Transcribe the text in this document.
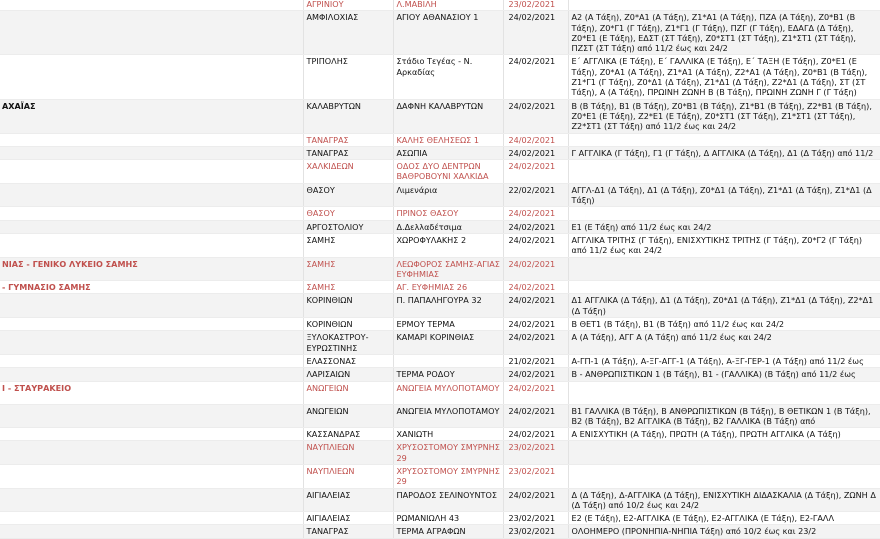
	ΑΓΡΙΝΙΟΥ	Λ.ΜΑΒΙΛΗ	23/02/2021	
	ΑΜΦΙΛΟΧΙΑΣ	ΑΓΙΟΥ ΑΘΑΝΑΣΙΟΥ 1	24/02/2021	Α2 (Α Τάξη), Ζ0*Α1 (Α Τάξη), Ζ1*Α1 (Α Τάξη), ΠΖΑ (Α Τάξη), Ζ0*Β1 (Β Τάξη), Ζ0*Γ1 (Γ Τάξη), Ζ1*Γ1 (Γ Τάξη), ΠΖΓ (Γ Τάξη), ΕΔΑΓΔ (Δ Τάξη), Ζ0*Ε1 (Ε Τάξη), ΕΔΣΤ (ΣΤ Τάξη), Ζ0*ΣΤ1 (ΣΤ Τάξη), Ζ1*ΣΤ1 (ΣΤ Τάξη), ΠΖΣΤ (ΣΤ Τάξη) από 11/2 έως και 24/2
	ΤΡΙΠΟΛΗΣ	Στάδιο Τεγέας - Ν. Αρκαδίας	24/02/2021	Ε΄ ΑΓΓΛΙΚΑ (Ε Τάξη), Ε΄ ΓΑΛΛΙΚΑ (Ε Τάξη), Ε΄ ΤΑΞΗ (Ε Τάξη), Ζ0*Ε1 (Ε Τάξη), Ζ0*Α1 (Α Τάξη), Ζ1*Α1 (Α Τάξη), Ζ2*Α1 (Α Τάξη), Ζ0*Β1 (Β Τάξη), Ζ1*Γ1 (Γ Τάξη), Ζ0*Δ1 (Δ Τάξη), Ζ1*Δ1 (Δ Τάξη), Ζ2*Δ1 (Δ Τάξη), ΣΤ (ΣΤ Τάξη), Α (Α Τάξη), ΠΡΩΙΝΗ ΖΩΝΗ Β (Β Τάξη), ΠΡΩΙΝΗ ΖΩΝΗ Γ (Γ Τάξη)
ΑΧΑΪΑΣ	ΚΑΛΑΒΡΥΤΩΝ	ΔΑΦΝΗ ΚΑΛΑΒΡΥΤΩΝ	24/02/2021	Β (Β Τάξη), Β1 (Β Τάξη), Ζ0*Β1 (Β Τάξη), Ζ1*Β1 (Β Τάξη), Ζ2*Β1 (Β Τάξη), Ζ0*Ε1 (Ε Τάξη), Ζ2*Ε1 (Ε Τάξη), Ζ0*ΣΤ1 (ΣΤ Τάξη), Ζ1*ΣΤ1 (ΣΤ Τάξη), Ζ2*ΣΤ1 (ΣΤ Τάξη) από 11/2 έως και 24/2
	ΤΑΝΑΓΡΑΣ	ΚΑΛΗΣ ΘΕΛΗΣΕΩΣ 1	24/02/2021	
	ΤΑΝΑΓΡΑΣ	ΑΣΩΠΙΑ	24/02/2021	Γ ΑΓΓΛΙΚΑ (Γ Τάξη), Γ1 (Γ Τάξη), Δ ΑΓΓΛΙΚΑ (Δ Τάξη), Δ1 (Δ Τάξη) από 11/2
	ΧΑΛΚΙΔΕΩΝ	ΟΔΟΣ ΔΥΟ ΔΕΝΤΡΩΝ ΒΑΘΡΟΒΟΥΝΙ ΧΑΛΚΙΔΑ	24/02/2021	
	ΘΑΣΟΥ	Λιμενάρια	22/02/2021	ΑΓΓΛ-Δ1 (Δ Τάξη), Δ1 (Δ Τάξη), Ζ0*Δ1 (Δ Τάξη), Ζ1*Δ1 (Δ Τάξη), Ζ1*Δ1 (Δ Τάξη)
	ΘΑΣΟΥ	ΠΡΙΝΟΣ ΘΑΣΟΥ	24/02/2021	
	ΑΡΓΟΣΤΟΛΙΟΥ	Δ.Δελλαδέτσιμα	24/02/2021	Ε1 (Ε Τάξη) από 11/2 έως και 24/2
	ΣΑΜΗΣ	ΧΩΡΟΦΥΛΑΚΗΣ 2	24/02/2021	ΑΓΓΛΙΚΑ ΤΡΙΤΗΣ (Γ Τάξη), ΕΝΙΣΧΥΤΙΚΗΣ ΤΡΙΤΗΣ (Γ Τάξη), Ζ0*Γ2 (Γ Τάξη) από 11/2 έως και 24/2
ΝΙΑΣ - ΓΕΝΙΚΟ ΛΥΚΕΙΟ ΣΑΜΗΣ	ΣΑΜΗΣ	ΛΕΩΦΟΡΟΣ ΣΑΜΗΣ-ΑΓΙΑΣ ΕΥΦΗΜΙΑΣ	24/02/2021	
- ΓΥΜΝΑΣΙΟ ΣΑΜΗΣ	ΣΑΜΗΣ	ΑΓ. ΕΥΦΗΜΙΑΣ 26	24/02/2021	
	ΚΟΡΙΝΘΙΩΝ	Π. ΠΑΠΑΛΗΓΟΥΡΑ 32	24/02/2021	Δ1 ΑΓΓΛΙΚΑ (Δ Τάξη), Δ1 (Δ Τάξη), Ζ0*Δ1 (Δ Τάξη), Ζ1*Δ1 (Δ Τάξη), Ζ2*Δ1 (Δ Τάξη)
	ΚΟΡΙΝΘΙΩΝ	ΕΡΜΟΥ ΤΕΡΜΑ	24/02/2021	Β ΘΕΤ1 (Β Τάξη), Β1 (Β Τάξη) από 11/2 έως και 24/2
	ΞΥΛΟΚΑΣΤΡΟΥ-ΕΥΡΩΣΤΙΝΗΣ	ΚΑΜΑΡΙ ΚΟΡΙΝΘΙΑΣ	24/02/2021	Α (Α Τάξη), ΑΓΓ Α (Α Τάξη) από 11/2 έως και 24/2
	ΕΛΑΣΣΟΝΑΣ		21/02/2021	Α-ΓΠ-1 (Α Τάξη), Α-ΞΓ-ΑΓΓ-1 (Α Τάξη), Α-ΞΓ-ΓΕΡ-1 (Α Τάξη) από 11/2 έως
	ΛΑΡΙΣΑΙΩΝ	ΤΕΡΜΑ ΡΟΔΟΥ	24/02/2021	Β - ΑΝΘΡΩΠΙΣΤΙΚΩΝ 1 (Β Τάξη), Β1 - (ΓΑΛΛΙΚΑ) (Β Τάξη) από 11/2 έως
Ι - ΣΤΑΥΡΑΚΕΙΟ	ΑΝΩΓΕΙΩΝ	ΑΝΩΓΕΙΑ ΜΥΛΟΠΟΤΑΜΟΥ	24/02/2021	
	ΑΝΩΓΕΙΩΝ	ΑΝΩΓΕΙΑ ΜΥΛΟΠΟΤΑΜΟΥ	24/02/2021	Β1 ΓΑΛΛΙΚΑ (Β Τάξη), Β ΑΝΘΡΩΠΙΣΤΙΚΩΝ (Β Τάξη), Β ΘΕΤΙΚΩΝ 1 (Β Τάξη), Β2 (Β Τάξη), Β2 ΑΓΓΛΙΚΑ (Β Τάξη), Β2 ΓΑΛΛΙΚΑ (Β Τάξη) από
	ΚΑΣΣΑΝΔΡΑΣ	ΧΑΝΙΩΤΗ	24/02/2021	Α ΕΝΙΣΧΥΤΙΚΗ (Α Τάξη), ΠΡΩΤΗ (Α Τάξη), ΠΡΩΤΗ ΑΓΓΛΙΚΑ (Α Τάξη)
	ΝΑΥΠΛΙΕΩΝ	ΧΡΥΣΟΣΤΟΜΟΥ ΣΜΥΡΝΗΣ 29	23/02/2021	
	ΝΑΥΠΛΙΕΩΝ	ΧΡΥΣΟΣΤΟΜΟΥ ΣΜΥΡΝΗΣ 29	23/02/2021	
	ΑΙΓΙΑΛΕΙΑΣ	ΠΑΡΟΔΟΣ ΣΕΛΙΝΟΥΝΤΟΣ	24/02/2021	Δ (Δ Τάξη), Δ-ΑΓΓΛΙΚΑ (Δ Τάξη), ΕΝΙΣΧΥΤΙΚΗ ΔΙΔΑΣΚΑΛΙΑ (Δ Τάξη), ΖΩΝΗ Δ (Δ Τάξη) από 10/2 έως και 24/2
	ΑΙΓΙΑΛΕΙΑΣ	ΡΩΜΑΝΙΩΛΗ 43	23/02/2021	Ε2 (Ε Τάξη), Ε2-ΑΓΓΛΙΚΑ (Ε Τάξη), Ε2-ΑΓΓΛΙΚΑ (Ε Τάξη), Ε2-ΓΑΛΛ
	ΤΑΝΑΓΡΑΣ	ΤΕΡΜΑ ΑΓΡΑΦΩΝ	23/02/2021	ΟΛΟΗΜΕΡΟ (ΠΡΟΝΗΠΙΑ-ΝΗΠΙΑ Τάξη) από 10/2 έως και 23/2
